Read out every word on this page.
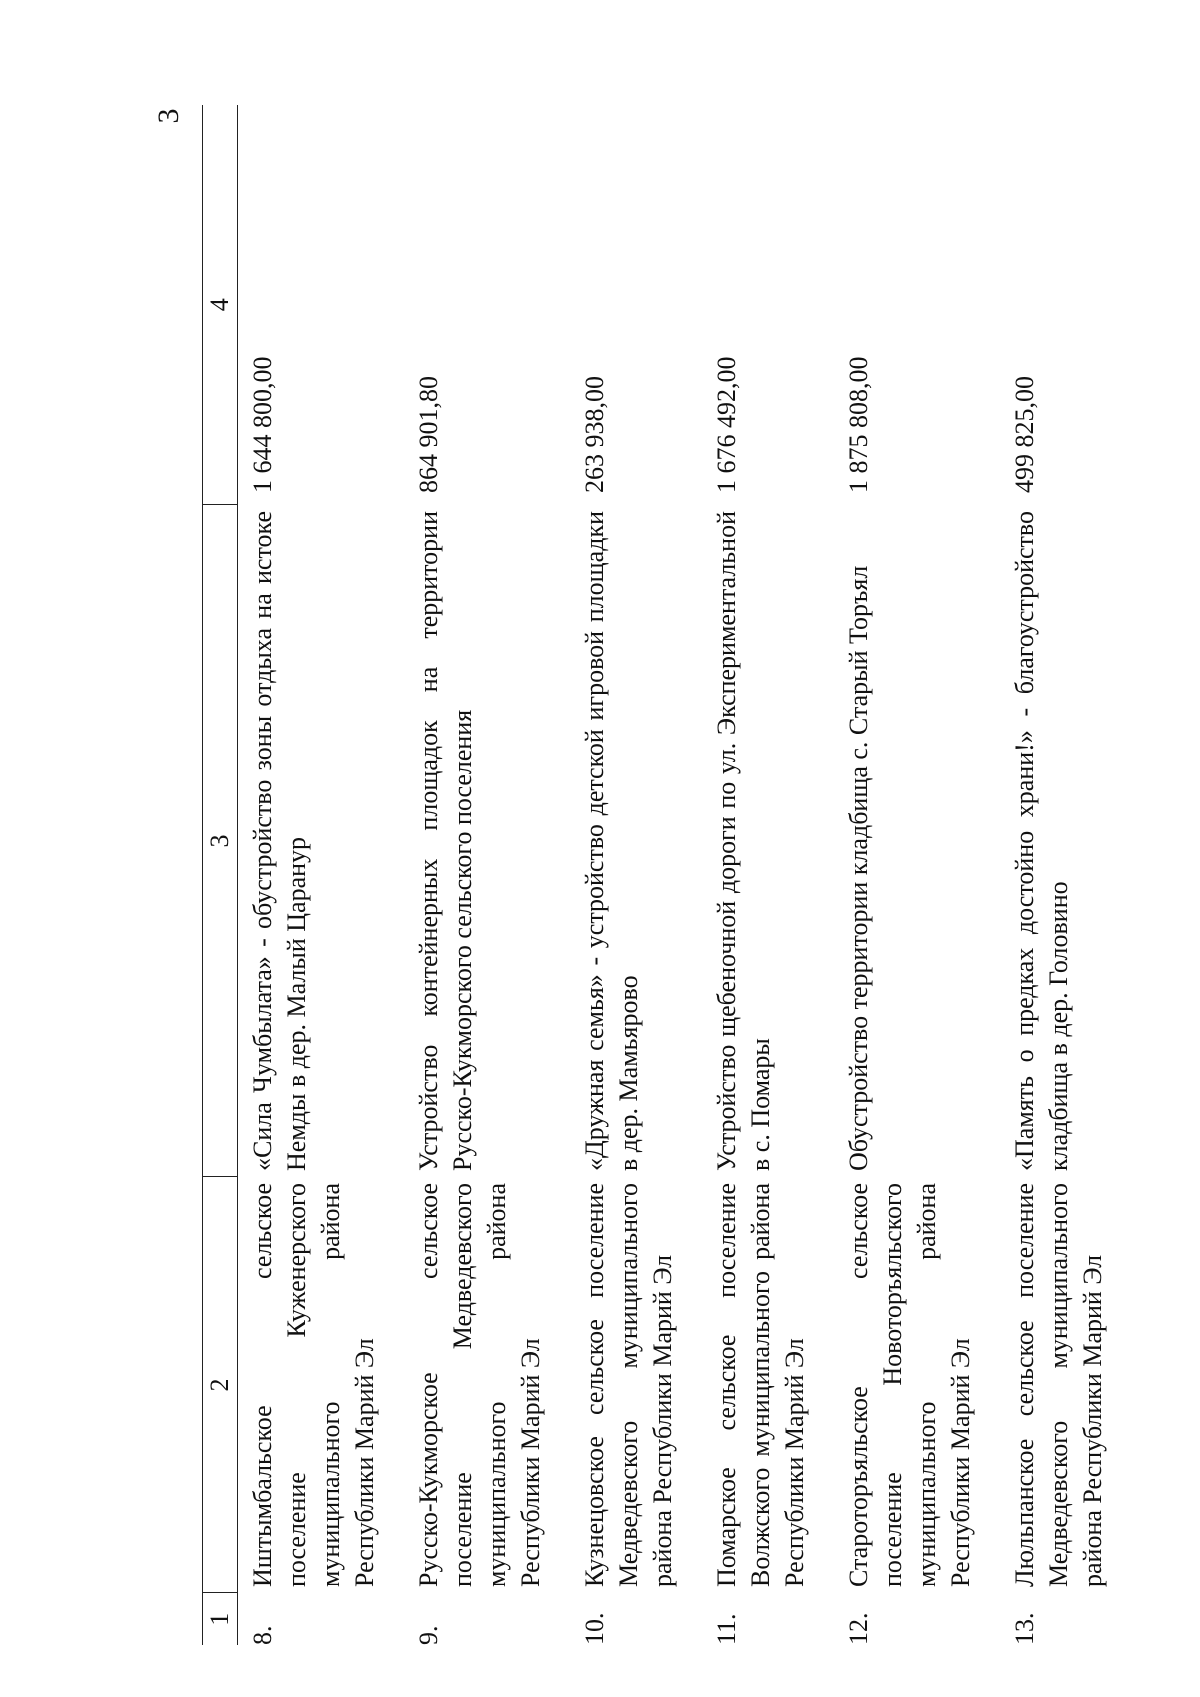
3
1	2	3	4
8.	Иштымбальское сельское поселение Куженерского муниципального района Республики Марий Эл	«Сила Чумбылата» - обустройство зоны отдыха на истоке Немды в дер. Малый Царанур	1 644 800,00
9.	Русско-Кукморское сельское поселение Медведевского муниципального района Республики Марий Эл	Устройство контейнерных площадок на территории Русско-Кукморского сельского поселения	864 901,80
10.	Кузнецовское сельское поселение Медведевского муниципального района Республики Марий Эл	«Дружная семья» - устройство детской игровой площадки в дер. Мамьярово	263 938,00
11.	Помарское сельское поселение Волжского муниципального района Республики Марий Эл	Устройство щебеночной дороги по ул. Экспериментальной в с. Помары	1 676 492,00
12.	Староторъяльское сельское поселение Новоторъяльского муниципального района Республики Марий Эл	Обустройство территории кладбища с. Старый Торъял	1 875 808,00
13.	Люльпанское сельское поселение Медведевского муниципального района Республики Марий Эл	«Память о предках достойно храни!» - благоустройство кладбища в дер. Головино	499 825,00
